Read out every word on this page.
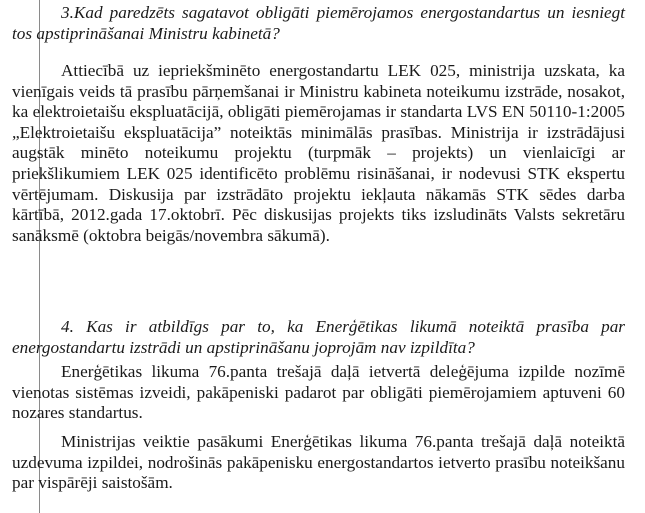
3.Kad paredzēts sagatavot obligāti piemērojamos energostandartus un iesniegt tos apstiprināšanai Ministru kabinetā?

Attiecībā uz iepriekšminēto energostandartu LEK 025, ministrija uzskata, ka vienīgais veids tā prasību pārņemšanai ir Ministru kabineta noteikumu izstrāde, nosakot, ka elektroietaišu ekspluatācijā, obligāti piemērojamas ir standarta LVS EN 50110-1:2005 „Elektroietaišu ekspluatācija” noteiktās minimālās prasības. Ministrija ir izstrādājusi augstāk minēto noteikumu projektu (turpmāk – projekts) un vienlaicīgi ar priekšlikumiem LEK 025 identificēto problēmu risināšanai, ir nodevusi STK ekspertu vērtējumam. Diskusija par izstrādāto projektu iekļauta nākamās STK sēdes darba kārtībā, 2012.gada 17.oktobrī. Pēc diskusijas projekts tiks izsludināts Valsts sekretāru sanāksmē (oktobra beigās/novembra sākumā).

4. Kas ir atbildīgs par to, ka Enerģētikas likumā noteiktā prasība par energostandartu izstrādi un apstiprināšanu joprojām nav izpildīta?

Enerģētikas likuma 76.panta trešajā daļā ietvertā deleģējuma izpilde nozīmē vienotas sistēmas izveidi, pakāpeniski padarot par obligāti piemērojamiem aptuveni 60 nozares standartus.

Ministrijas veiktie pasākumi Enerģētikas likuma 76.panta trešajā daļā noteiktā uzdevuma izpildei, nodrošinās pakāpenisku energostandartos ietverto prasību noteikšanu par vispārēji saistošām.
